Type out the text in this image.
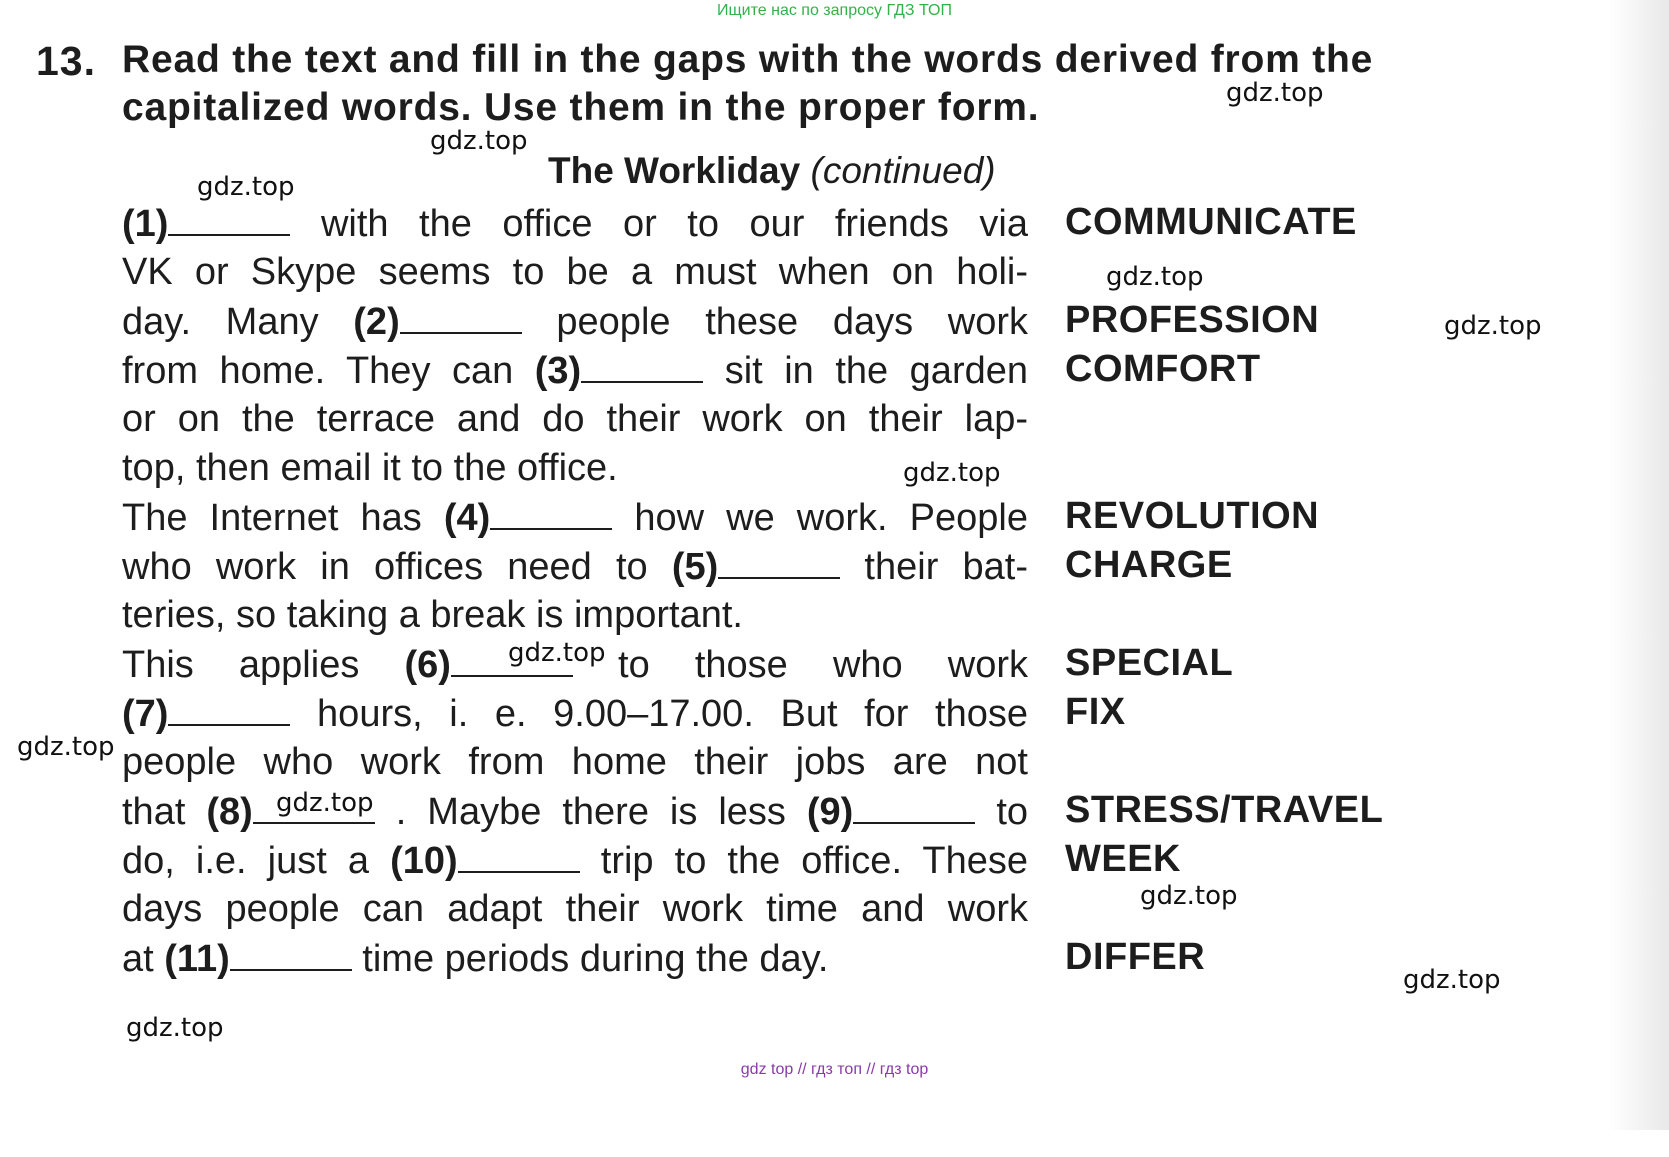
Ищите нас по запросу ГДЗ ТОП
13. Read the text and fill in the gaps with the words derived from the
capitalized words. Use them in the proper form.
The Workliday (continued)
(1)	with the office or to our friends via
VK or Skype seems to be a must when on holi-
day. Many (2)	people these days work
from home. They can (3)	sit in the garden
or on the terrace and do their work on their lap-
top, then email it to the office.
The Internet has (4)	how we work. People
who work in offices need to (5)	their bat-
teries, so taking a break is important.
This applies (6)	to those who work
(7)	hours, i. e. 9.00–17.00. But for those
people who work from home their jobs are not
that (8)	. Maybe there is less (9)	to
do, i.e. just a (10)	trip to the office. These
days people can adapt their work time and work
at (11)	time periods during the day.
COMMUNICATE
PROFESSION
COMFORT
REVOLUTION
CHARGE
SPECIAL
FIX
STRESS/TRAVEL
WEEK
DIFFER
gdz.top
gdz.top
gdz.top
gdz.top
gdz.top
gdz.top
gdz.top
gdz.top
gdz.top
gdz.top
gdz.top
gdz.top
gdz top // гдз топ // гдз top
